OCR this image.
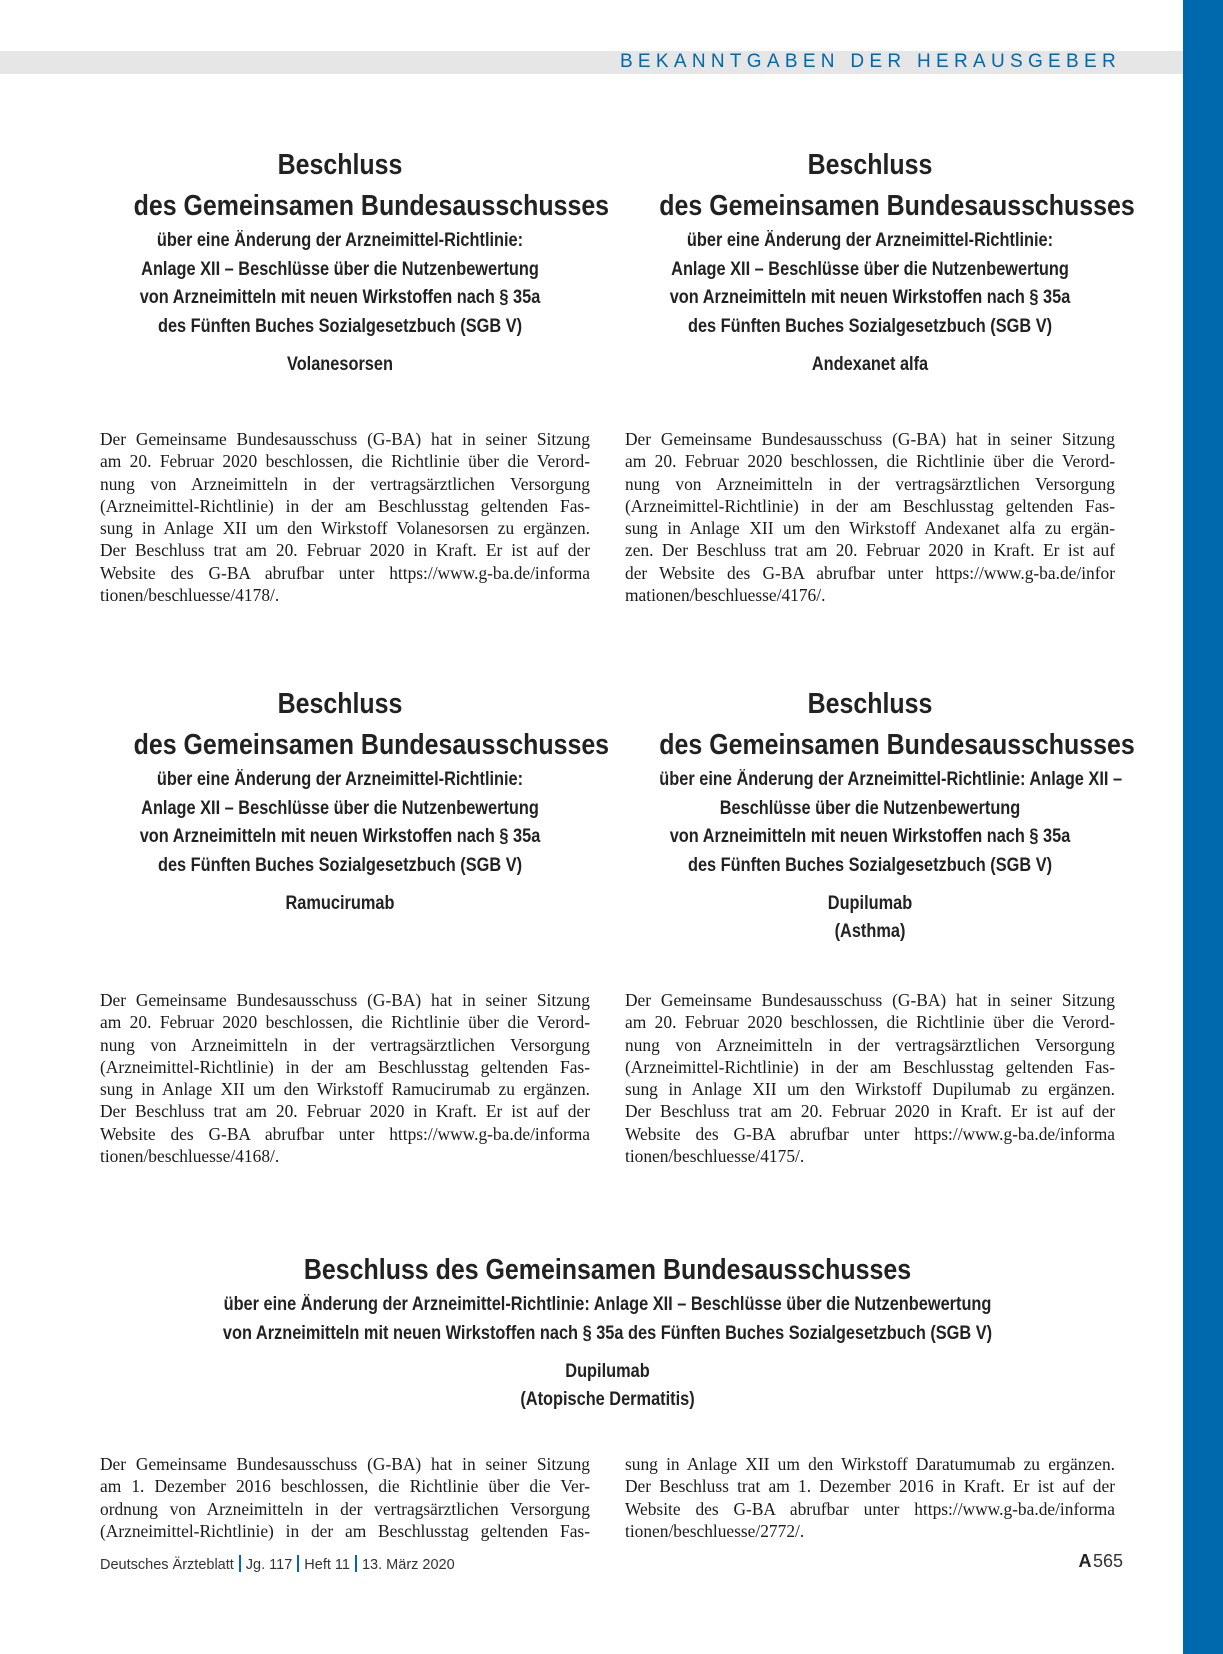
BEKANNTGABEN DER HERAUSGEBER

Beschluss
des Gemeinsamen Bundesausschusses
über eine Änderung der Arzneimittel-Richtlinie:
Anlage XII – Beschlüsse über die Nutzenbewertung
von Arzneimitteln mit neuen Wirkstoffen nach § 35a
des Fünften Buches Sozialgesetzbuch (SGB V)
Volanesorsen
Der Gemeinsame Bundesausschuss (G-BA) hat in seiner Sitzung
am 20. Februar 2020 beschlossen, die Richtlinie über die Verord-
nung von Arzneimitteln in der vertragsärztlichen Versorgung
(Arzneimittel-Richtlinie) in der am Beschlusstag geltenden Fas-
sung in Anlage XII um den Wirkstoff Volanesorsen zu ergänzen.
Der Beschluss trat am 20. Februar 2020 in Kraft. Er ist auf der
Website des G-BA abrufbar unter https://www.g-ba.de/informa
tionen/beschluesse/4178/.
Beschluss
des Gemeinsamen Bundesausschusses
über eine Änderung der Arzneimittel-Richtlinie:
Anlage XII – Beschlüsse über die Nutzenbewertung
von Arzneimitteln mit neuen Wirkstoffen nach § 35a
des Fünften Buches Sozialgesetzbuch (SGB V)
Andexanet alfa
Der Gemeinsame Bundesausschuss (G-BA) hat in seiner Sitzung
am 20. Februar 2020 beschlossen, die Richtlinie über die Verord-
nung von Arzneimitteln in der vertragsärztlichen Versorgung
(Arzneimittel-Richtlinie) in der am Beschlusstag geltenden Fas-
sung in Anlage XII um den Wirkstoff Andexanet alfa zu ergän-
zen. Der Beschluss trat am 20. Februar 2020 in Kraft. Er ist auf
der Website des G-BA abrufbar unter https://www.g-ba.de/infor
mationen/beschluesse/4176/.
Beschluss
des Gemeinsamen Bundesausschusses
über eine Änderung der Arzneimittel-Richtlinie:
Anlage XII – Beschlüsse über die Nutzenbewertung
von Arzneimitteln mit neuen Wirkstoffen nach § 35a
des Fünften Buches Sozialgesetzbuch (SGB V)
Ramucirumab
Der Gemeinsame Bundesausschuss (G-BA) hat in seiner Sitzung
am 20. Februar 2020 beschlossen, die Richtlinie über die Verord-
nung von Arzneimitteln in der vertragsärztlichen Versorgung
(Arzneimittel-Richtlinie) in der am Beschlusstag geltenden Fas-
sung in Anlage XII um den Wirkstoff Ramucirumab zu ergänzen.
Der Beschluss trat am 20. Februar 2020 in Kraft. Er ist auf der
Website des G-BA abrufbar unter https://www.g-ba.de/informa
tionen/beschluesse/4168/.
Beschluss
des Gemeinsamen Bundesausschusses
über eine Änderung der Arzneimittel-Richtlinie: Anlage XII –
Beschlüsse über die Nutzenbewertung
von Arzneimitteln mit neuen Wirkstoffen nach § 35a
des Fünften Buches Sozialgesetzbuch (SGB V)
Dupilumab
(Asthma)
Der Gemeinsame Bundesausschuss (G-BA) hat in seiner Sitzung
am 20. Februar 2020 beschlossen, die Richtlinie über die Verord-
nung von Arzneimitteln in der vertragsärztlichen Versorgung
(Arzneimittel-Richtlinie) in der am Beschlusstag geltenden Fas-
sung in Anlage XII um den Wirkstoff Dupilumab zu ergänzen.
Der Beschluss trat am 20. Februar 2020 in Kraft. Er ist auf der
Website des G-BA abrufbar unter https://www.g-ba.de/informa
tionen/beschluesse/4175/.
Beschluss des Gemeinsamen Bundesausschusses
über eine Änderung der Arzneimittel-Richtlinie: Anlage XII – Beschlüsse über die Nutzenbewertung
von Arzneimitteln mit neuen Wirkstoffen nach § 35a des Fünften Buches Sozialgesetzbuch (SGB V)
Dupilumab
(Atopische Dermatitis)
Der Gemeinsame Bundesausschuss (G-BA) hat in seiner Sitzung
am 1. Dezember 2016 beschlossen, die Richtlinie über die Ver-
ordnung von Arzneimitteln in der vertragsärztlichen Versorgung
(Arzneimittel-Richtlinie) in der am Beschlusstag geltenden Fas-
sung in Anlage XII um den Wirkstoff Daratumumab zu ergänzen.
Der Beschluss trat am 1. Dezember 2016 in Kraft. Er ist auf der
Website des G-BA abrufbar unter https://www.g-ba.de/informa
tionen/beschluesse/2772/.
Deutsches Ärzteblatt Jg. 117 Heft 11 13. März 2020	A 565
